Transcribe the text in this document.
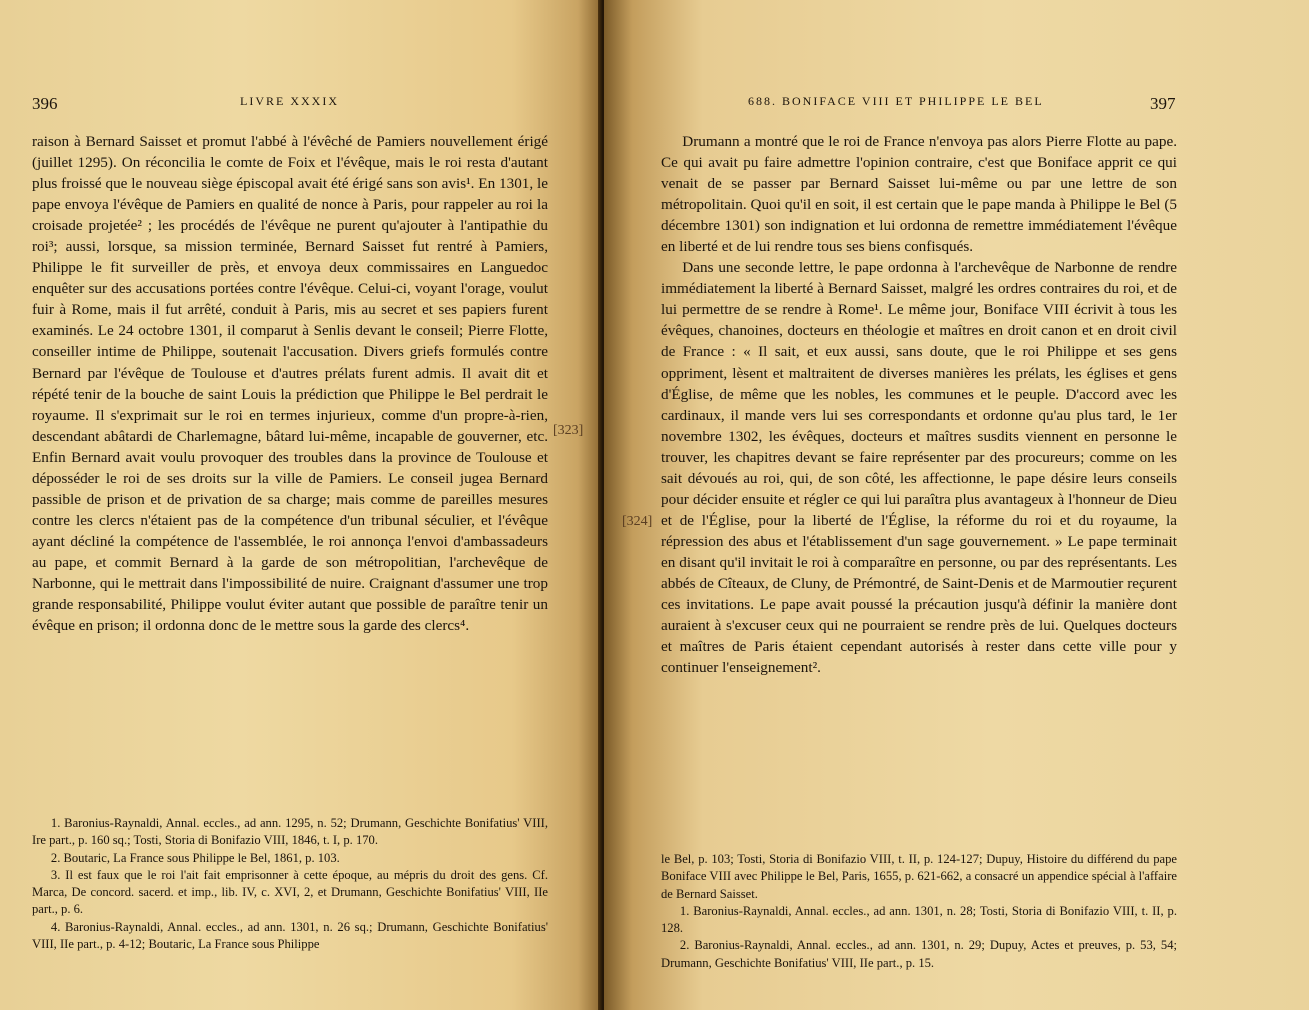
396	LIVRE XXXIX

raison à Bernard Saisset et promut l'abbé à l'évêché de Pamiers nouvellement érigé (juillet 1295). On réconcilia le comte de Foix et l'évêque, mais le roi resta d'autant plus froissé que le nouveau siège épiscopal avait été érigé sans son avis¹. En 1301, le pape envoya l'évêque de Pamiers en qualité de nonce à Paris, pour rappeler au roi la croisade projetée² ; les procédés de l'évêque ne purent qu'ajouter à l'antipathie du roi³; aussi, lorsque, sa mission terminée, Bernard Saisset fut rentré à Pamiers, Philippe le fit surveiller de près, et envoya deux commissaires en Languedoc enquêter sur des accusations portées contre l'évêque. Celui-ci, voyant l'orage, voulut fuir à Rome, mais il fut arrêté, conduit à Paris, mis au secret et ses papiers furent examinés. Le 24 octobre 1301, il comparut à Senlis devant le conseil; Pierre Flotte, conseiller intime de Philippe, soutenait l'accusation. Divers griefs formulés contre Bernard par l'évêque de Toulouse et d'autres prélats furent admis. Il avait dit et répété tenir de la bouche de saint Louis la prédiction que Philippe le Bel perdrait le royaume. Il s'exprimait sur le roi en termes injurieux, comme d'un propre-à-rien, descendant abâtardi de Charlemagne, bâtard lui-même, incapable de gouverner, etc. Enfin Bernard avait voulu provoquer des troubles dans la province de Toulouse et déposséder le roi de ses droits sur la ville de Pamiers. Le conseil jugea Bernard passible de prison et de privation de sa charge; mais comme de pareilles mesures contre les clercs n'étaient pas de la compétence d'un tribunal séculier, et l'évêque ayant décliné la compétence de l'assemblée, le roi annonça l'envoi d'ambassadeurs au pape, et commit Bernard à la garde de son métropolitian, l'archevêque de Narbonne, qui le mettrait dans l'impossibilité de nuire. Craignant d'assumer une trop grande responsabilité, Philippe voulut éviter autant que possible de paraître tenir un évêque en prison; il ordonna donc de le mettre sous la garde des clercs⁴.

1. Baronius-Raynaldi, Annal. eccles., ad ann. 1295, n. 52; Drumann, Geschichte Bonifatius' VIII, Ire part., p. 160 sq.; Tosti, Storia di Bonifazio VIII, 1846, t. I, p. 170.

2. Boutaric, La France sous Philippe le Bel, 1861, p. 103.

3. Il est faux que le roi l'ait fait emprisonner à cette époque, au mépris du droit des gens. Cf. Marca, De concord. sacerd. et imp., lib. IV, c. XVI, 2, et Drumann, Geschichte Bonifatius' VIII, IIe part., p. 6.

4. Baronius-Raynaldi, Annal. eccles., ad ann. 1301, n. 26 sq.; Drumann, Geschichte Bonifatius' VIII, IIe part., p. 4-12; Boutaric, La France sous Philippe

[323]
688. BONIFACE VIII ET PHILIPPE LE BEL	397

Drumann a montré que le roi de France n'envoya pas alors Pierre Flotte au pape. Ce qui avait pu faire admettre l'opinion contraire, c'est que Boniface apprit ce qui venait de se passer par Bernard Saisset lui-même ou par une lettre de son métropolitain. Quoi qu'il en soit, il est certain que le pape manda à Philippe le Bel (5 décembre 1301) son indignation et lui ordonna de remettre immédiatement l'évêque en liberté et de lui rendre tous ses biens confisqués.

Dans une seconde lettre, le pape ordonna à l'archevêque de Narbonne de rendre immédiatement la liberté à Bernard Saisset, malgré les ordres contraires du roi, et de lui permettre de se rendre à Rome¹. Le même jour, Boniface VIII écrivit à tous les évêques, chanoines, docteurs en théologie et maîtres en droit canon et en droit civil de France : « Il sait, et eux aussi, sans doute, que le roi Philippe et ses gens oppriment, lèsent et maltraitent de diverses manières les prélats, les églises et gens d'Église, de même que les nobles, les communes et le peuple. D'accord avec les cardinaux, il mande vers lui ses correspondants et ordonne qu'au plus tard, le 1er novembre 1302, les évêques, docteurs et maîtres susdits viennent en personne le trouver, les chapitres devant se faire représenter par des procureurs; comme on les sait dévoués au roi, qui, de son côté, les affectionne, le pape désire leurs conseils pour décider ensuite et régler ce qui lui paraîtra plus avantageux à l'honneur de Dieu et de l'Église, pour la liberté de l'Église, la réforme du roi et du royaume, la répression des abus et l'établissement d'un sage gouvernement. » Le pape terminait en disant qu'il invitait le roi à comparaître en personne, ou par des représentants. Les abbés de Cîteaux, de Cluny, de Prémontré, de Saint-Denis et de Marmoutier reçurent ces invitations. Le pape avait poussé la précaution jusqu'à définir la manière dont auraient à s'excuser ceux qui ne pourraient se rendre près de lui. Quelques docteurs et maîtres de Paris étaient cependant autorisés à rester dans cette ville pour y continuer l'enseignement².

le Bel, p. 103; Tosti, Storia di Bonifazio VIII, t. II, p. 124-127; Dupuy, Histoire du différend du pape Boniface VIII avec Philippe le Bel, Paris, 1655, p. 621-662, a consacré un appendice spécial à l'affaire de Bernard Saisset.

1. Baronius-Raynaldi, Annal. eccles., ad ann. 1301, n. 28; Tosti, Storia di Bonifazio VIII, t. II, p. 128.

2. Baronius-Raynaldi, Annal. eccles., ad ann. 1301, n. 29; Dupuy, Actes et preuves, p. 53, 54; Drumann, Geschichte Bonifatius' VIII, IIe part., p. 15.

[324]
